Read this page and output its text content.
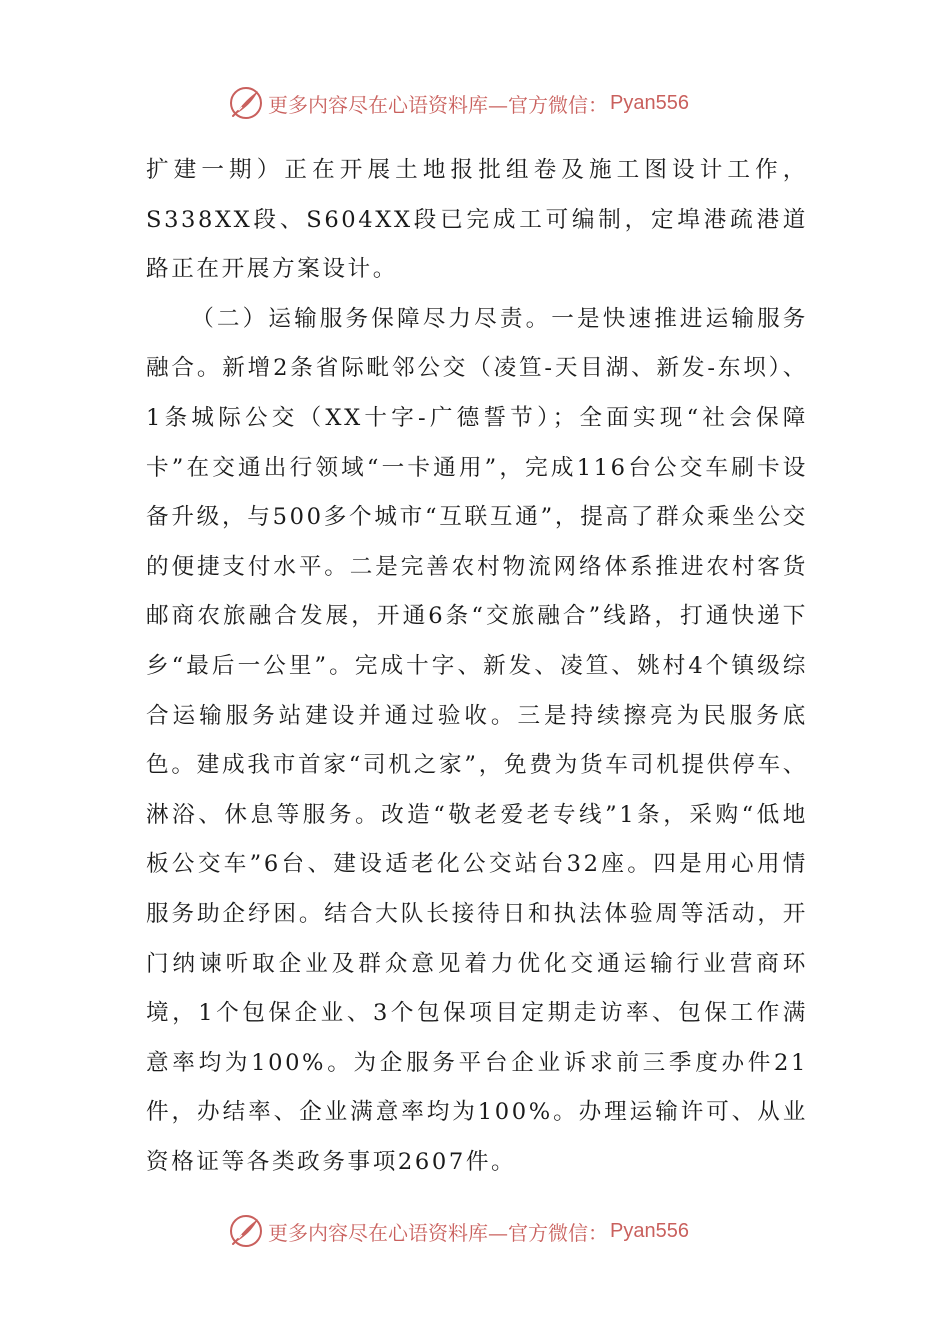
更多内容尽在心语资料库—官方微信： Pyan556

扩建一期）正在开展土地报批组卷及施工图设计工作，S338XX段、S604XX段已完成工可编制，定埠港疏港道路正在开展方案设计。

（二）运输服务保障尽力尽责。一是快速推进运输服务融合。新增2条省际毗邻公交（凌笪-天目湖、新发-东坝）、1条城际公交（XX十字-广德誓节）；全面实现“社会保障卡”在交通出行领域“一卡通用”，完成116台公交车刷卡设备升级，与500多个城市“互联互通”，提高了群众乘坐公交的便捷支付水平。二是完善农村物流网络体系推进农村客货邮商农旅融合发展，开通6条“交旅融合”线路，打通快递下乡“最后一公里”。完成十字、新发、凌笪、姚村4个镇级综合运输服务站建设并通过验收。三是持续擦亮为民服务底色。建成我市首家“司机之家”，免费为货车司机提供停车、淋浴、休息等服务。改造“敬老爱老专线”1条，采购“低地板公交车”6台、建设适老化公交站台32座。四是用心用情服务助企纾困。结合大队长接待日和执法体验周等活动，开门纳谏听取企业及群众意见着力优化交通运输行业营商环境，1个包保企业、3个包保项目定期走访率、包保工作满意率均为100%。为企服务平台企业诉求前三季度办件21件，办结率、企业满意率均为100%。办理运输许可、从业资格证等各类政务事项2607件。

更多内容尽在心语资料库—官方微信： Pyan556
